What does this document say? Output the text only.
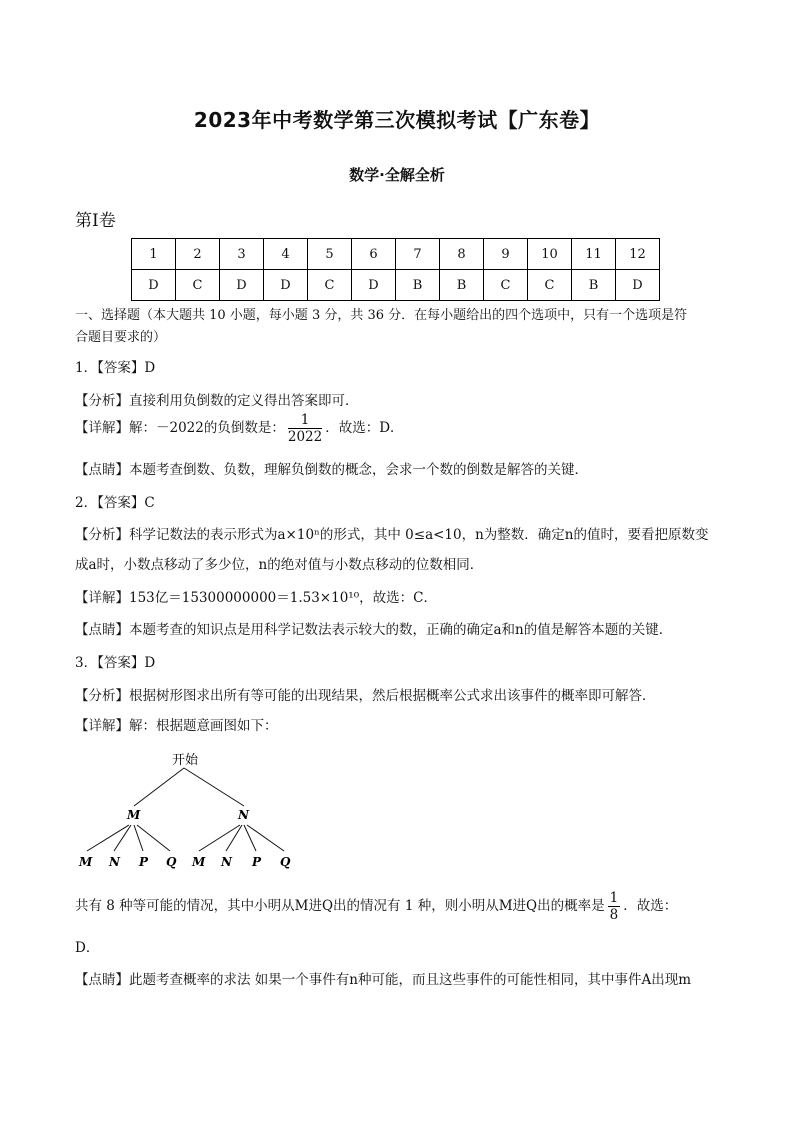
2023年中考数学第三次模拟考试【广东卷】
数学·全解全析
第Ⅰ卷
1	2	3	4	5	6	7	8	9	10	11	12
D	C	D	D	C	D	B	B	C	C	B	D
一、选择题（本大题共 10 小题，每小题 3 分，共 36 分．在每小题给出的四个选项中，只有一个选项是符
合题目要求的）
1．【答案】D
【分析】直接利用负倒数的定义得出答案即可．
【详解】解：－2022的负倒数是： $\frac{1}{2022}$ ．故选：D．
【点睛】本题考查倒数、负数，理解负倒数的概念，会求一个数的倒数是解答的关键．
2．【答案】C
【分析】科学记数法的表示形式为a×10ⁿ的形式，其中 0≤a<10，n为整数．确定n的值时，要看把原数变
成a时，小数点移动了多少位，n的绝对值与小数点移动的位数相同．
【详解】153亿＝15300000000＝1.53×10¹⁰，故选：C．
【点睛】本题考查的知识点是用科学记数法表示较大的数，正确的确定a和n的值是解答本题的关键．
3．【答案】D
【分析】根据树形图求出所有等可能的出现结果，然后根据概率公式求出该事件的概率即可解答．
【详解】解：根据题意画图如下：
开始
M	N
M N P Q M N P Q
共有 8 种等可能的情况，其中小明从M进Q出的情况有 1 种，则小明从M进Q出的概率是 $\frac{1}{8}$ ．故选：
D．
【点睛】此题考查概率的求法 如果一个事件有n种可能，而且这些事件的可能性相同，其中事件A出现m
